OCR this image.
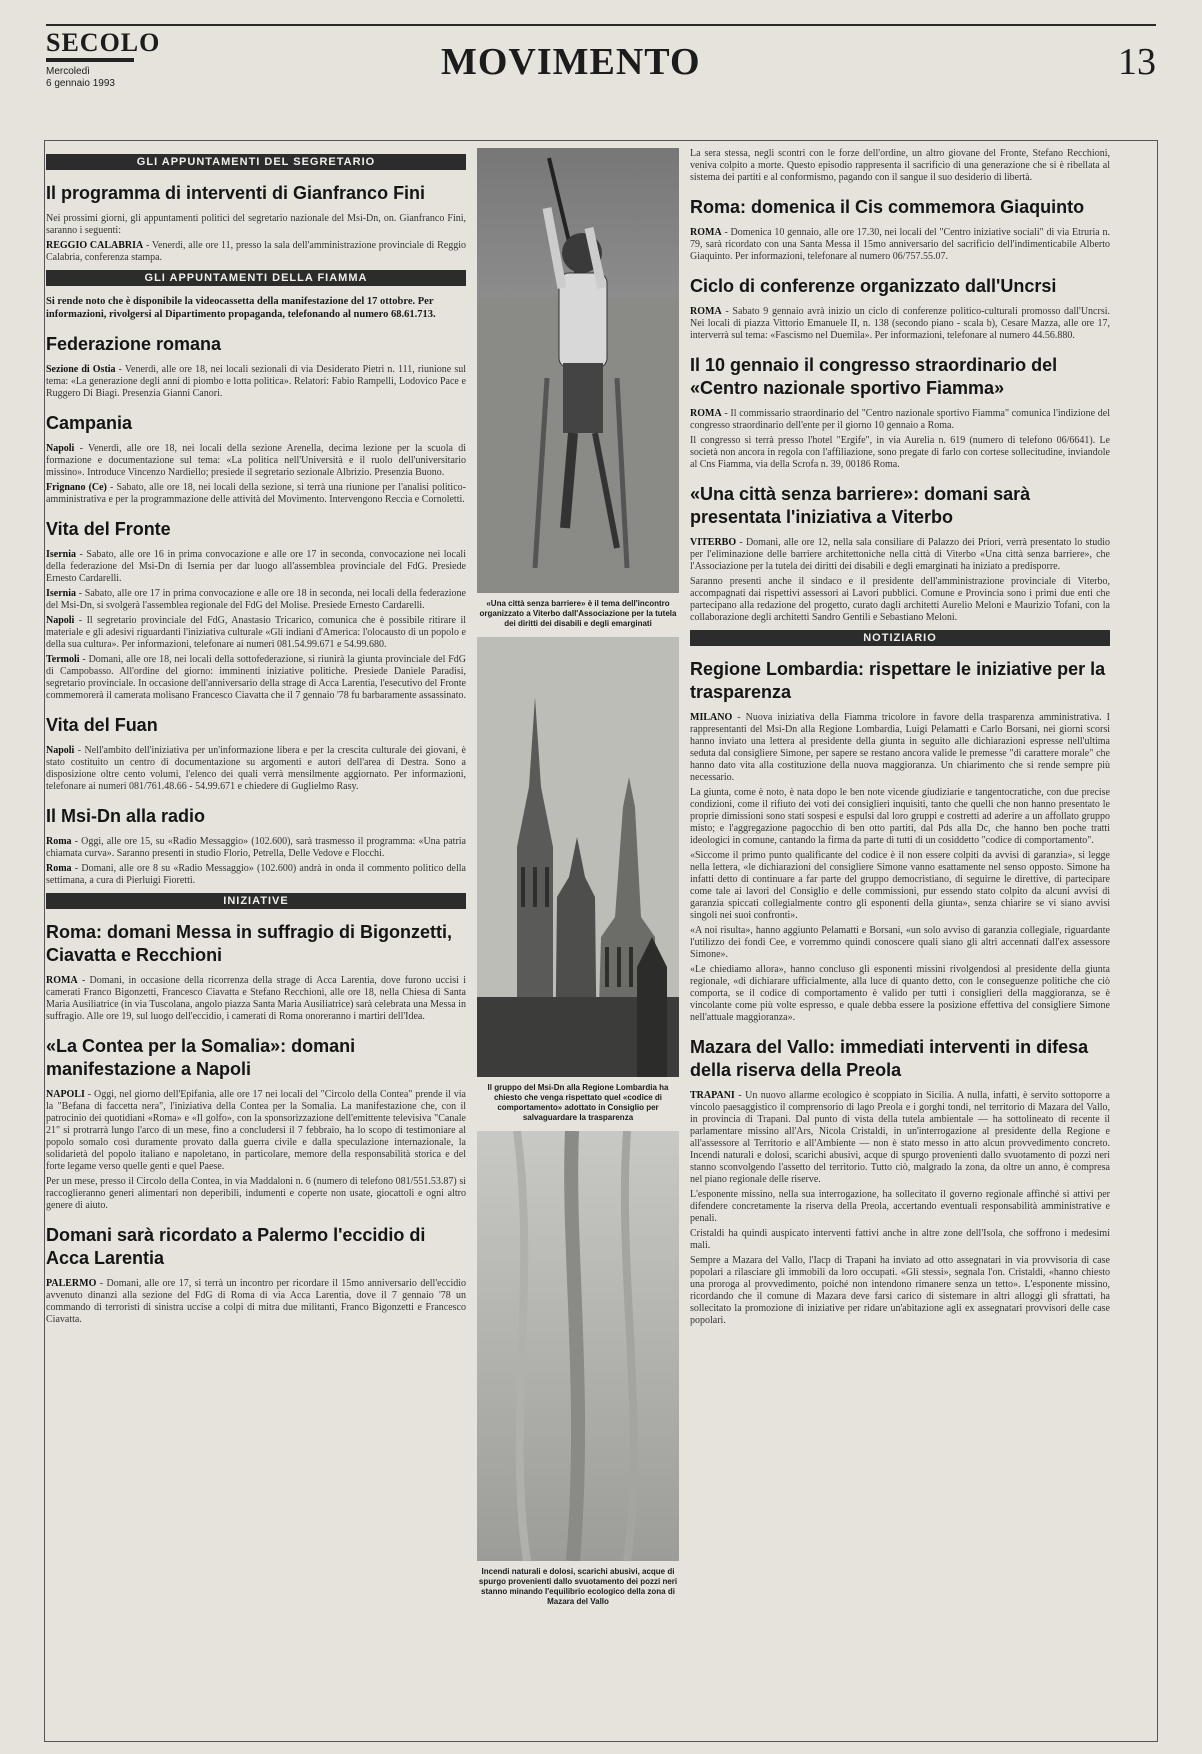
SECOLO
Mercoledì
6 gennaio 1993
MOVIMENTO	13
GLI APPUNTAMENTI DEL SEGRETARIO
Il programma di interventi di Gianfranco Fini

Nei prossimi giorni, gli appuntamenti politici del segretario nazionale del Msi-Dn, on. Gianfranco Fini, saranno i seguenti:

REGGIO CALABRIA - Venerdì, alle ore 11, presso la sala dell'amministrazione provinciale di Reggio Calabria, conferenza stampa.

GLI APPUNTAMENTI DELLA FIAMMA

Si rende noto che è disponibile la videocassetta della manifestazione del 17 ottobre. Per informazioni, rivolgersi al Dipartimento propaganda, telefonando al numero 68.61.713.

Federazione romana

Sezione di Ostia - Venerdì, alle ore 18, nei locali sezionali di via Desiderato Pietri n. 111, riunione sul tema: «La generazione degli anni di piombo e lotta politica». Relatori: Fabio Rampelli, Lodovico Pace e Ruggero Di Biagi. Presenzia Gianni Canori.

Campania

Napoli - Venerdì, alle ore 18, nei locali della sezione Arenella, decima lezione per la scuola di formazione e documentazione sul tema: «La politica nell'Università e il ruolo dell'universitario missino». Introduce Vincenzo Nardiello; presiede il segretario sezionale Albrizio. Presenzia Buono.

Frignano (Ce) - Sabato, alle ore 18, nei locali della sezione, si terrà una riunione per l'analisi politico-amministrativa e per la programmazione delle attività del Movimento. Intervengono Reccia e Cornoletti.

Vita del Fronte

Isernia - Sabato, alle ore 16 in prima convocazione e alle ore 17 in seconda, convocazione nei locali della federazione del Msi-Dn di Isernia per dar luogo all'assemblea provinciale del FdG. Presiede Ernesto Cardarelli.

Isernia - Sabato, alle ore 17 in prima convocazione e alle ore 18 in seconda, nei locali della federazione del Msi-Dn, si svolgerà l'assemblea regionale del FdG del Molise. Presiede Ernesto Cardarelli.

Napoli - Il segretario provinciale del FdG, Anastasio Tricarico, comunica che è possibile ritirare il materiale e gli adesivi riguardanti l'iniziativa culturale «Gli indiani d'America: l'olocausto di un popolo e della sua cultura». Per informazioni, telefonare ai numeri 081.54.99.671 e 54.99.680.

Termoli - Domani, alle ore 18, nei locali della sottofederazione, si riunirà la giunta provinciale del FdG di Campobasso. All'ordine del giorno: imminenti iniziative politiche. Presiede Daniele Paradisi, segretario provinciale. In occasione dell'anniversario della strage di Acca Larentia, l'esecutivo del Fronte commemorerà il camerata molisano Francesco Ciavatta che il 7 gennaio '78 fu barbaramente assassinato.

Vita del Fuan

Napoli - Nell'ambito dell'iniziativa per un'informazione libera e per la crescita culturale dei giovani, è stato costituito un centro di documentazione su argomenti e autori dell'area di Destra. Sono a disposizione oltre cento volumi, l'elenco dei quali verrà mensilmente aggiornato. Per informazioni, telefonare ai numeri 081/761.48.66 - 54.99.671 e chiedere di Guglielmo Rasy.

Il Msi-Dn alla radio

Roma - Oggi, alle ore 15, su «Radio Messaggio» (102.600), sarà trasmesso il programma: «Una patria chiamata curva». Saranno presenti in studio Florio, Petrella, Delle Vedove e Flocchi.

Roma - Domani, alle ore 8 su «Radio Messaggio» (102.600) andrà in onda il commento politico della settimana, a cura di Pierluigi Fioretti.

INIZIATIVE
Roma: domani Messa in suffragio di Bigonzetti, Ciavatta e Recchioni

ROMA - Domani, in occasione della ricorrenza della strage di Acca Larentia, dove furono uccisi i camerati Franco Bigonzetti, Francesco Ciavatta e Stefano Recchioni, alle ore 18, nella Chiesa di Santa Maria Ausiliatrice (in via Tuscolana, angolo piazza Santa Maria Ausiliatrice) sarà celebrata una Messa in suffragio. Alle ore 19, sul luogo dell'eccidio, i camerati di Roma onoreranno i martiri dell'Idea.

«La Contea per la Somalia»: domani manifestazione a Napoli

NAPOLI - Oggi, nel giorno dell'Epifania, alle ore 17 nei locali del "Circolo della Contea" prende il via la "Befana di faccetta nera", l'iniziativa della Contea per la Somalia. La manifestazione che, con il patrocinio dei quotidiani «Roma» e «Il golfo», con la sponsorizzazione dell'emittente televisiva "Canale 21" si protrarrà lungo l'arco di un mese, fino a concludersi il 7 febbraio, ha lo scopo di testimoniare al popolo somalo così duramente provato dalla guerra civile e dalla speculazione internazionale, la solidarietà del popolo italiano e napoletano, in particolare, memore della responsabilità storica e del forte legame verso quelle genti e quel Paese.

Per un mese, presso il Circolo della Contea, in via Maddaloni n. 6 (numero di telefono 081/551.53.87) si raccoglieranno generi alimentari non deperibili, indumenti e coperte non usate, giocattoli e ogni altro genere di aiuto.

Domani sarà ricordato a Palermo l'eccidio di Acca Larentia

PALERMO - Domani, alle ore 17, si terrà un incontro per ricordare il 15mo anniversario dell'eccidio avvenuto dinanzi alla sezione del FdG di Roma di via Acca Larentia, dove il 7 gennaio '78 un commando di terroristi di sinistra uccise a colpi di mitra due militanti, Franco Bigonzetti e Francesco Ciavatta.

«Una città senza barriere» è il tema dell'incontro organizzato a Viterbo dall'Associazione per la tutela dei diritti dei disabili e degli emarginati
Il gruppo del Msi-Dn alla Regione Lombardia ha chiesto che venga rispettato quel «codice di comportamento» adottato in Consiglio per salvaguardare la trasparenza
Incendi naturali e dolosi, scarichi abusivi, acque di spurgo provenienti dallo svuotamento dei pozzi neri stanno minando l'equilibrio ecologico della zona di Mazara del Vallo

La sera stessa, negli scontri con le forze dell'ordine, un altro giovane del Fronte, Stefano Recchioni, veniva colpito a morte. Questo episodio rappresenta il sacrificio di una generazione che si è ribellata al sistema dei partiti e al conformismo, pagando con il sangue il suo desiderio di libertà.

Roma: domenica il Cis commemora Giaquinto

ROMA - Domenica 10 gennaio, alle ore 17.30, nei locali del "Centro iniziative sociali" di via Etruria n. 79, sarà ricordato con una Santa Messa il 15mo anniversario del sacrificio dell'indimenticabile Alberto Giaquinto. Per informazioni, telefonare al numero 06/757.55.07.

Ciclo di conferenze organizzato dall'Uncrsi

ROMA - Sabato 9 gennaio avrà inizio un ciclo di conferenze politico-culturali promosso dall'Uncrsi. Nei locali di piazza Vittorio Emanuele II, n. 138 (secondo piano - scala b), Cesare Mazza, alle ore 17, interverrà sul tema: «Fascismo nel Duemila». Per informazioni, telefonare al numero 44.56.880.

Il 10 gennaio il congresso straordinario del «Centro nazionale sportivo Fiamma»

ROMA - Il commissario straordinario del "Centro nazionale sportivo Fiamma" comunica l'indizione del congresso straordinario dell'ente per il giorno 10 gennaio a Roma.

Il congresso si terrà presso l'hotel "Ergife", in via Aurelia n. 619 (numero di telefono 06/6641). Le società non ancora in regola con l'affiliazione, sono pregate di farlo con cortese sollecitudine, inviandole al Cns Fiamma, via della Scrofa n. 39, 00186 Roma.

«Una città senza barriere»: domani sarà presentata l'iniziativa a Viterbo

VITERBO - Domani, alle ore 12, nella sala consiliare di Palazzo dei Priori, verrà presentato lo studio per l'eliminazione delle barriere architettoniche nella città di Viterbo «Una città senza barriere», che l'Associazione per la tutela dei diritti dei disabili e degli emarginati ha iniziato a predisporre.

Saranno presenti anche il sindaco e il presidente dell'amministrazione provinciale di Viterbo, accompagnati dai rispettivi assessori ai Lavori pubblici. Comune e Provincia sono i primi due enti che partecipano alla redazione del progetto, curato dagli architetti Aurelio Meloni e Maurizio Tofani, con la collaborazione degli architetti Sandro Gentili e Sebastiano Meloni.

NOTIZIARIO
Regione Lombardia: rispettare le iniziative per la trasparenza

MILANO - Nuova iniziativa della Fiamma tricolore in favore della trasparenza amministrativa. I rappresentanti del Msi-Dn alla Regione Lombardia, Luigi Pelamatti e Carlo Borsani, nei giorni scorsi hanno inviato una lettera al presidente della giunta in seguito alle dichiarazioni espresse nell'ultima seduta dal consigliere Simone, per sapere se restano ancora valide le premesse "di carattere morale" che hanno dato vita alla costituzione della nuova maggioranza. Un chiarimento che si rende sempre più necessario.

La giunta, come è noto, è nata dopo le ben note vicende giudiziarie e tangentocratiche, con due precise condizioni, come il rifiuto dei voti dei consiglieri inquisiti, tanto che quelli che non hanno presentato le proprie dimissioni sono stati sospesi e espulsi dal loro gruppi e costretti ad aderire a un affollato gruppo misto; e l'aggregazione pagocchio di ben otto partiti, dal Pds alla Dc, che hanno ben poche tratti ideologici in comune, cantando la firma da parte di tutti di un cosiddetto "codice di comportamento".

«Siccome il primo punto qualificante del codice è il non essere colpiti da avvisi di garanzia», si legge nella lettera, «le dichiarazioni del consigliere Simone vanno esattamente nel senso opposto. Simone ha infatti detto di continuare a far parte del gruppo democristiano, di seguirne le direttive, di partecipare come tale ai lavori del Consiglio e delle commissioni, pur essendo stato colpito da alcuni avvisi di garanzia spiccati collegialmente contro gli esponenti della giunta», senza chiarire se vi siano avvisi singoli nei suoi confronti».

«A noi risulta», hanno aggiunto Pelamatti e Borsani, «un solo avviso di garanzia collegiale, riguardante l'utilizzo dei fondi Cee, e vorremmo quindi conoscere quali siano gli altri accennati dall'ex assessore Simone».

«Le chiediamo allora», hanno concluso gli esponenti missini rivolgendosi al presidente della giunta regionale, «di dichiarare ufficialmente, alla luce di quanto detto, con le conseguenze politiche che ciò comporta, se il codice di comportamento è valido per tutti i consiglieri della maggioranza, se è vincolante come più volte espresso, e quale debba essere la posizione effettiva del consigliere Simone nell'attuale maggioranza».

Mazara del Vallo: immediati interventi in difesa della riserva della Preola

TRAPANI - Un nuovo allarme ecologico è scoppiato in Sicilia. A nulla, infatti, è servito sottoporre a vincolo paesaggistico il comprensorio di lago Preola e i gorghi tondi, nel territorio di Mazara del Vallo, in provincia di Trapani. Dal punto di vista della tutela ambientale — ha sottolineato di recente il parlamentare missino all'Ars, Nicola Cristaldi, in un'interrogazione al presidente della Regione e all'assessore al Territorio e all'Ambiente — non è stato messo in atto alcun provvedimento concreto. Incendi naturali e dolosi, scarichi abusivi, acque di spurgo provenienti dallo svuotamento di pozzi neri stanno sconvolgendo l'assetto del territorio. Tutto ciò, malgrado la zona, da oltre un anno, è compresa nel piano regionale delle riserve.

L'esponente missino, nella sua interrogazione, ha sollecitato il governo regionale affinché si attivi per difendere concretamente la riserva della Preola, accertando eventuali responsabilità amministrative e penali.

Cristaldi ha quindi auspicato interventi fattivi anche in altre zone dell'Isola, che soffrono i medesimi mali.

Sempre a Mazara del Vallo, l'Iacp di Trapani ha inviato ad otto assegnatari in via provvisoria di case popolari a rilasciare gli immobili da loro occupati. «Gli stessi», segnala l'on. Cristaldi, «hanno chiesto una proroga al provvedimento, poiché non intendono rimanere senza un tetto». L'esponente missino, ricordando che il comune di Mazara deve farsi carico di sistemare in altri alloggi gli sfrattati, ha sollecitato la promozione di iniziative per ridare un'abitazione agli ex assegnatari provvisori delle case popolari.
